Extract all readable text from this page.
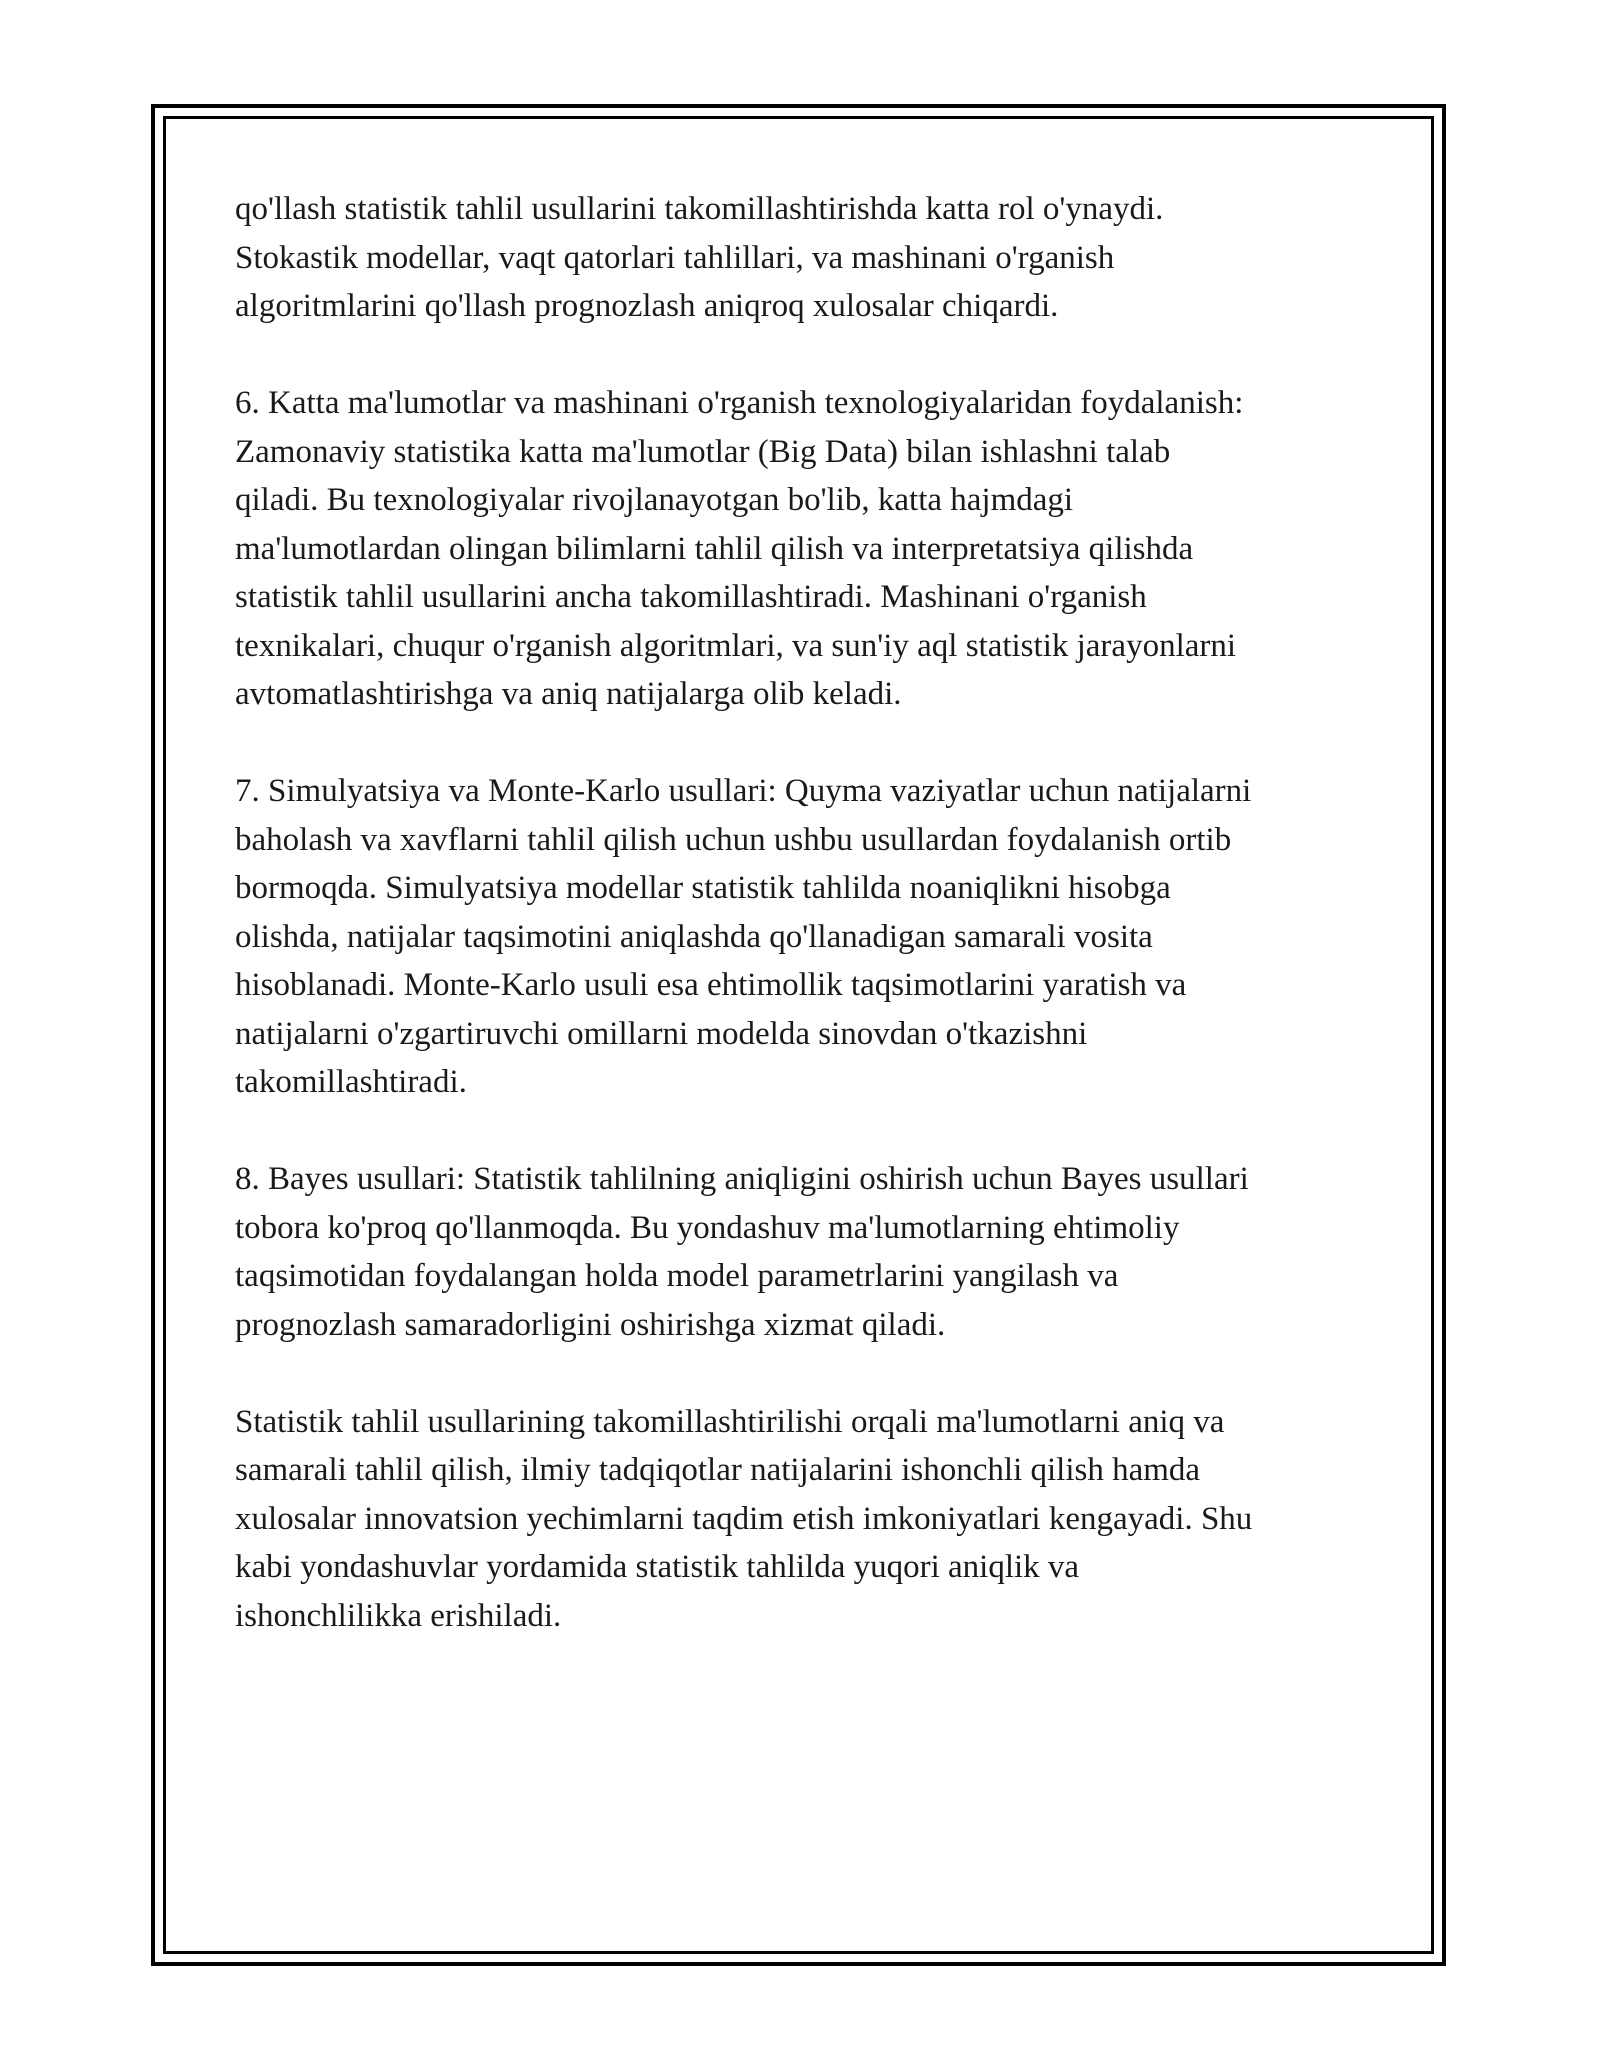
qo'llash statistik tahlil usullarini takomillashtirishda katta rol o'ynaydi.
Stokastik modellar, vaqt qatorlari tahlillari, va mashinani o'rganish
algoritmlarini qo'llash prognozlash aniqroq xulosalar chiqardi.
6. Katta ma'lumotlar va mashinani o'rganish texnologiyalaridan foydalanish:
Zamonaviy statistika katta ma'lumotlar (Big Data) bilan ishlashni talab
qiladi. Bu texnologiyalar rivojlanayotgan bo'lib, katta hajmdagi
ma'lumotlardan olingan bilimlarni tahlil qilish va interpretatsiya qilishda
statistik tahlil usullarini ancha takomillashtiradi. Mashinani o'rganish
texnikalari, chuqur o'rganish algoritmlari, va sun'iy aql statistik jarayonlarni
avtomatlashtirishga va aniq natijalarga olib keladi.
7. Simulyatsiya va Monte-Karlo usullari: Quyma vaziyatlar uchun natijalarni
baholash va xavflarni tahlil qilish uchun ushbu usullardan foydalanish ortib
bormoqda. Simulyatsiya modellar statistik tahlilda noaniqlikni hisobga
olishda, natijalar taqsimotini aniqlashda qo'llanadigan samarali vosita
hisoblanadi. Monte-Karlo usuli esa ehtimollik taqsimotlarini yaratish va
natijalarni o'zgartiruvchi omillarni modelda sinovdan o'tkazishni
takomillashtiradi.
8. Bayes usullari: Statistik tahlilning aniqligini oshirish uchun Bayes usullari
tobora ko'proq qo'llanmoqda. Bu yondashuv ma'lumotlarning ehtimoliy
taqsimotidan foydalangan holda model parametrlarini yangilash va
prognozlash samaradorligini oshirishga xizmat qiladi.
Statistik tahlil usullarining takomillashtirilishi orqali ma'lumotlarni aniq va
samarali tahlil qilish, ilmiy tadqiqotlar natijalarini ishonchli qilish hamda
xulosalar innovatsion yechimlarni taqdim etish imkoniyatlari kengayadi. Shu
kabi yondashuvlar yordamida statistik tahlilda yuqori aniqlik va
ishonchlilikka erishiladi.
